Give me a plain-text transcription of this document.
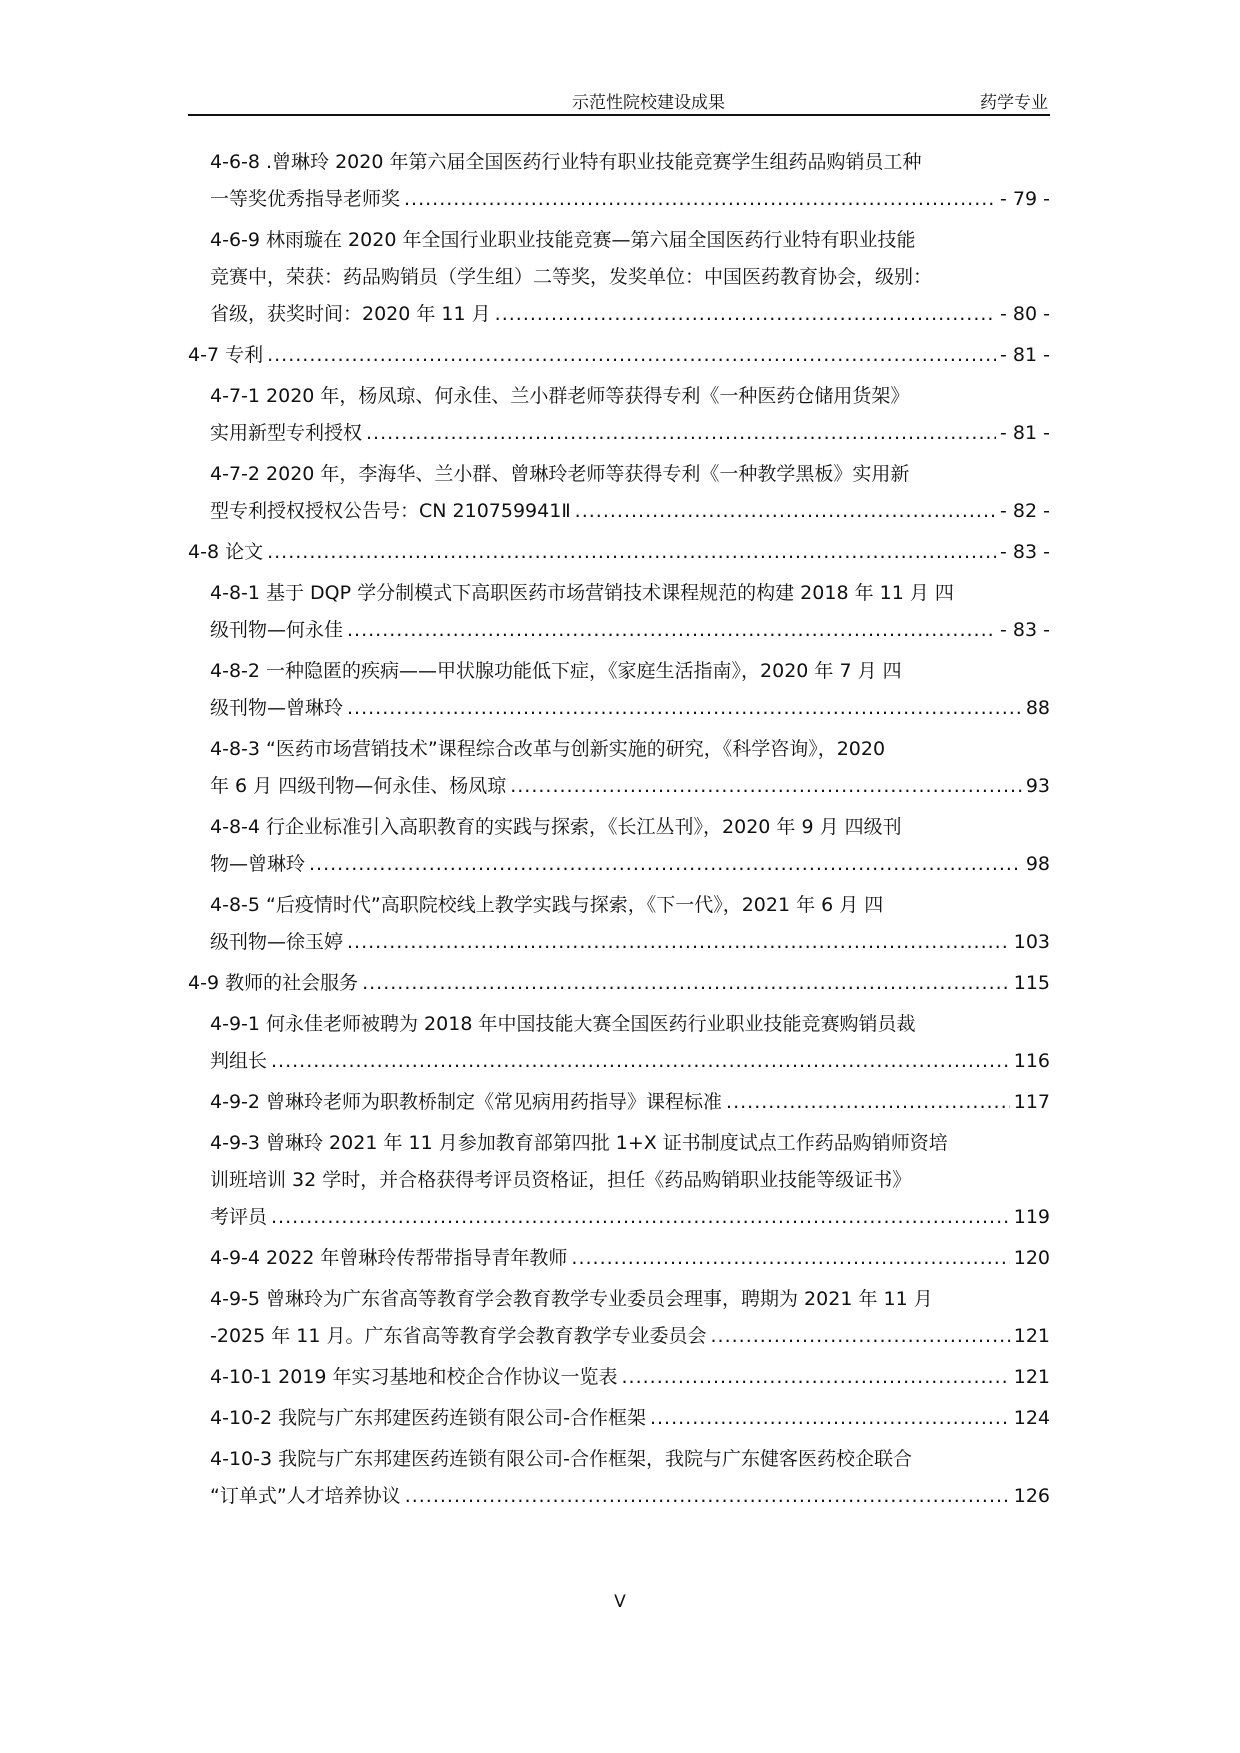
示范性院校建设成果	药学专业
4-6-8 .曾琳玲 2020 年第六届全国医药行业特有职业技能竞赛学生组药品购销员工种
一等奖优秀指导老师奖 .....	- 79 -
4-6-9 林雨璇在 2020 年全国行业职业技能竞赛—第六届全国医药行业特有职业技能
竞赛中，荣获：药品购销员（学生组）二等奖，发奖单位：中国医药教育协会，级别：
省级，获奖时间：2020 年 11 月 .....	- 80 -
4-7 专利 .....	- 81 -
4-7-1 2020 年，杨凤琼、何永佳、兰小群老师等获得专利《一种医药仓储用货架》
实用新型专利授权 .....	- 81 -
4-7-2 2020 年，李海华、兰小群、曾琳玲老师等获得专利《一种教学黑板》实用新
型专利授权授权公告号：CN 210759941Ⅱ .....	- 82 -
4-8 论文 .....	- 83 -
4-8-1 基于 DQP 学分制模式下高职医药市场营销技术课程规范的构建 2018 年 11 月 四
级刊物—何永佳 .....	- 83 -
4-8-2 一种隐匿的疾病——甲状腺功能低下症，《家庭生活指南》，2020 年 7 月 四
级刊物—曾琳玲 .....	88
4-8-3 “医药市场营销技术”课程综合改革与创新实施的研究，《科学咨询》，2020
年 6 月 四级刊物—何永佳、杨凤琼 .....	93
4-8-4 行企业标准引入高职教育的实践与探索，《长江丛刊》，2020 年 9 月 四级刊
物—曾琳玲 .....	98
4-8-5 “后疫情时代”高职院校线上教学实践与探索，《下一代》，2021 年 6 月 四
级刊物—徐玉婷 .....	103
4-9 教师的社会服务 .....	115
4-9-1 何永佳老师被聘为 2018 年中国技能大赛全国医药行业职业技能竞赛购销员裁
判组长 .....	116
4-9-2 曾琳玲老师为职教桥制定《常见病用药指导》课程标准 .....	117
4-9-3 曾琳玲 2021 年 11 月参加教育部第四批 1+X 证书制度试点工作药品购销师资培
训班培训 32 学时，并合格获得考评员资格证，担任《药品购销职业技能等级证书》
考评员 .....	119
4-9-4 2022 年曾琳玲传帮带指导青年教师 .....	120
4-9-5 曾琳玲为广东省高等教育学会教育教学专业委员会理事，聘期为 2021 年 11 月
-2025 年 11 月。广东省高等教育学会教育教学专业委员会 .....	121
4-10-1 2019 年实习基地和校企合作协议一览表 .....	121
4-10-2 我院与广东邦建医药连锁有限公司-合作框架 .....	124
4-10-3 我院与广东邦建医药连锁有限公司-合作框架，我院与广东健客医药校企联合
“订单式”人才培养协议 .....	126
V
